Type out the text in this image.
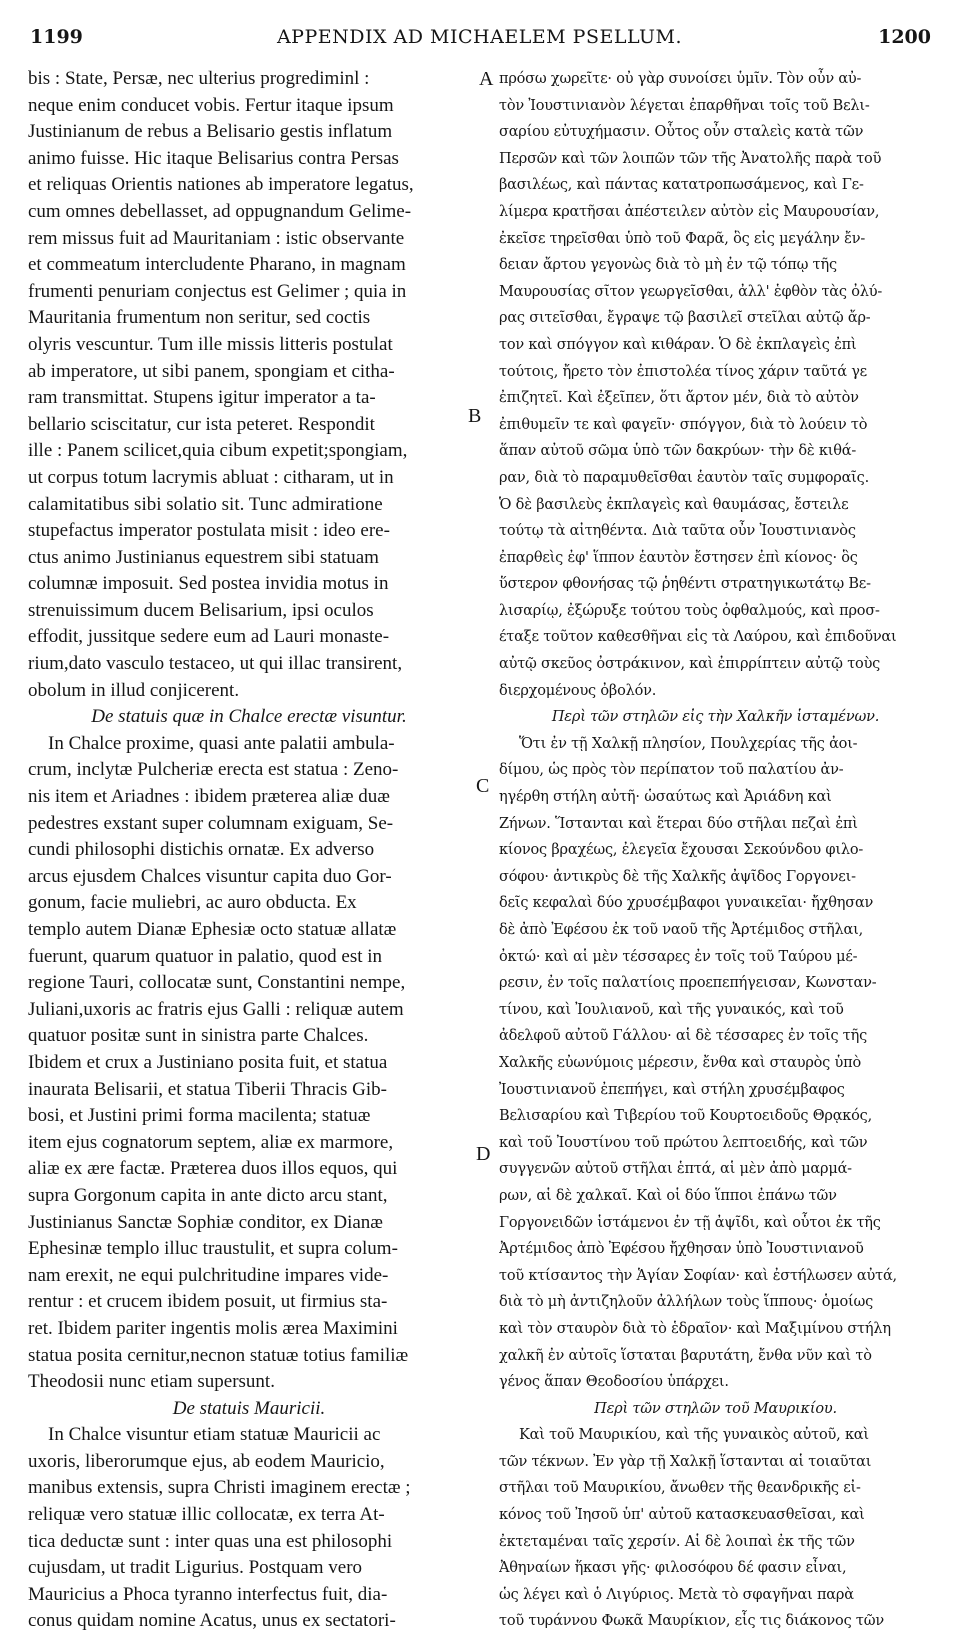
1199	APPENDIX AD MICHAELEM PSELLUM.	1200
bis : State, Persæ, nec ulterius progrediminl :
neque enim conducet vobis. Fertur itaque ipsum
Justinianum de rebus a Belisario gestis inflatum
animo fuisse. Hic itaque Belisarius contra Persas
et reliquas Orientis nationes ab imperatore legatus,
cum omnes debellasset, ad oppugnandum Gelime-
rem missus fuit ad Mauritaniam : istic observante
et commeatum intercludente Pharano, in magnam
frumenti penuriam conjectus est Gelimer ; quia in
Mauritania frumentum non seritur, sed coctis
olyris vescuntur. Tum ille missis litteris postulat
ab imperatore, ut sibi panem, spongiam et citha-
ram transmittat. Stupens igitur imperator a ta-
bellario sciscitatur, cur ista peteret. Respondit
ille : Panem scilicet,quia cibum expetit;spongiam,
ut corpus totum lacrymis abluat : citharam, ut in
calamitatibus sibi solatio sit. Tunc admiratione
stupefactus imperator postulata misit : ideo ere-
ctus animo Justinianus equestrem sibi statuam
columnæ imposuit. Sed postea invidia motus in
strenuissimum ducem Belisarium, ipsi oculos
effodit, jussitque sedere eum ad Lauri monaste-
rium,dato vasculo testaceo, ut qui illac transirent,
obolum in illud conjicerent.
De statuis quæ in Chalce erectæ visuntur.
In Chalce proxime, quasi ante palatii ambula-
crum, inclytæ Pulcheriæ erecta est statua : Zeno-
nis item et Ariadnes : ibidem præterea aliæ duæ
pedestres exstant super columnam exiguam, Se-
cundi philosophi distichis ornatæ. Ex adverso
arcus ejusdem Chalces visuntur capita duo Gor-
gonum, facie muliebri, ac auro obducta. Ex
templo autem Dianæ Ephesiæ octo statuæ allatæ
fuerunt, quarum quatuor in palatio, quod est in
regione Tauri, collocatæ sunt, Constantini nempe,
Juliani,uxoris ac fratris ejus Galli : reliquæ autem
quatuor positæ sunt in sinistra parte Chalces.
Ibidem et crux a Justiniano posita fuit, et statua
inaurata Belisarii, et statua Tiberii Thracis Gib-
bosi, et Justini primi forma macilenta; statuæ
item ejus cognatorum septem, aliæ ex marmore,
aliæ ex ære factæ. Præterea duos illos equos, qui
supra Gorgonum capita in ante dicto arcu stant,
Justinianus Sanctæ Sophiæ conditor, ex Dianæ
Ephesinæ templo illuc traustulit, et supra colum-
nam erexit, ne equi pulchritudine impares vide-
rentur : et crucem ibidem posuit, ut firmius sta-
ret. Ibidem pariter ingentis molis ærea Maximini
statua posita cernitur,necnon statuæ totius familiæ
Theodosii nunc etiam supersunt.
De statuis Mauricii.
In Chalce visuntur etiam statuæ Mauricii ac
uxoris, liberorumque ejus, ab eodem Mauricio,
manibus extensis, supra Christi imaginem erectæ ;
reliquæ vero statuæ illic collocatæ, ex terra At-
tica deductæ sunt : inter quas una est philosophi
cujusdam, ut tradit Ligurius. Postquam vero
Mauricius a Phoca tyranno interfectus fuit, dia-
conus quidam nomine Acatus, unus ex sectatori-
A
B
C
D
πρόσω χωρεῖτε· οὐ γὰρ συνοίσει ὑμῖν. Τὸν οὖν αὐ-
τὸν Ἰουστινιανὸν λέγεται ἐπαρθῆναι τοῖς τοῦ Βελι-
σαρίου εὐτυχήμασιν. Οὗτος οὖν σταλεὶς κατὰ τῶν
Περσῶν καὶ τῶν λοιπῶν τῶν τῆς Ἀνατολῆς παρὰ τοῦ
βασιλέως, καὶ πάντας κατατροπωσάμενος, καὶ Γε-
λίμερα κρατῆσαι ἀπέστειλεν αὐτὸν εἰς Μαυρουσίαν,
ἐκεῖσε τηρεῖσθαι ὑπὸ τοῦ Φαρᾶ, ὃς εἰς μεγάλην ἔν-
δειαν ἄρτου γεγονὼς διὰ τὸ μὴ ἐν τῷ τόπῳ τῆς
Μαυρουσίας σῖτον γεωργεῖσθαι, ἀλλ' ἑφθὸν τὰς ὀλύ-
ρας σιτεῖσθαι, ἔγραψε τῷ βασιλεῖ στεῖλαι αὐτῷ ἄρ-
τον καὶ σπόγγον καὶ κιθάραν. Ὁ δὲ ἐκπλαγεὶς ἐπὶ
τούτοις, ἤρετο τὸν ἐπιστολέα τίνος χάριν ταῦτά γε
ἐπιζητεῖ. Καὶ ἐξεῖπεν, ὅτι ἄρτον μέν, διὰ τὸ αὐτὸν
ἐπιθυμεῖν τε καὶ φαγεῖν· σπόγγον, διὰ τὸ λούειν τὸ
ἅπαν αὐτοῦ σῶμα ὑπὸ τῶν δακρύων· τὴν δὲ κιθά-
ραν, διὰ τὸ παραμυθεῖσθαι ἑαυτὸν ταῖς συμφοραῖς.
Ὁ δὲ βασιλεὺς ἐκπλαγεὶς καὶ θαυμάσας, ἔστειλε
τούτῳ τὰ αἰτηθέντα. Διὰ ταῦτα οὖν Ἰουστινιανὸς
ἐπαρθεὶς ἐφ' ἵππον ἑαυτὸν ἔστησεν ἐπὶ κίονος· ὃς
ὕστερον φθονήσας τῷ ῥηθέντι στρατηγικωτάτῳ Βε-
λισαρίῳ, ἐξώρυξε τούτου τοὺς ὀφθαλμούς, καὶ προσ-
έταξε τοῦτον καθεσθῆναι εἰς τὰ Λαύρου, καὶ ἐπιδοῦναι
αὐτῷ σκεῦος ὀστράκινον, καὶ ἐπιρρίπτειν αὐτῷ τοὺς
διερχομένους ὀβολόν.
Περὶ τῶν στηλῶν εἰς τὴν Χαλκῆν ἱσταμένων.
Ὅτι ἐν τῇ Χαλκῇ πλησίον, Πουλχερίας τῆς ἀοι-
δίμου, ὡς πρὸς τὸν περίπατον τοῦ παλατίου ἀν-
ηγέρθη στήλη αὐτῆ· ὡσαύτως καὶ Ἀριάδνη καὶ
Ζήνων. Ἵστανται καὶ ἕτεραι δύο στῆλαι πεζαὶ ἐπὶ
κίονος βραχέως, ἐλεγεῖα ἔχουσαι Σεκούνδου φιλο-
σόφου· ἀντικρὺς δὲ τῆς Χαλκῆς ἀψῖδος Γοργονει-
δεῖς κεφαλαὶ δύο χρυσέμβαφοι γυναικεῖαι· ἤχθησαν
δὲ ἀπὸ Ἐφέσου ἐκ τοῦ ναοῦ τῆς Ἀρτέμιδος στῆλαι,
ὀκτώ· καὶ αἱ μὲν τέσσαρες ἐν τοῖς τοῦ Ταύρου μέ-
ρεσιν, ἐν τοῖς παλατίοις προεπεπήγεισαν, Κωνσταν-
τίνου, καὶ Ἰουλιανοῦ, καὶ τῆς γυναικός, καὶ τοῦ
ἀδελφοῦ αὐτοῦ Γάλλου· αἱ δὲ τέσσαρες ἐν τοῖς τῆς
Χαλκῆς εὐωνύμοις μέρεσιν, ἔνθα καὶ σταυρὸς ὑπὸ
Ἰουστινιανοῦ ἐπεπήγει, καὶ στήλη χρυσέμβαφος
Βελισαρίου καὶ Τιβερίου τοῦ Κουρτοειδοῦς Θρᾳκός,
καὶ τοῦ Ἰουστίνου τοῦ πρώτου λεπτοειδής, καὶ τῶν
συγγενῶν αὐτοῦ στῆλαι ἑπτά, αἱ μὲν ἀπὸ μαρμά-
ρων, αἱ δὲ χαλκαῖ. Καὶ οἱ δύο ἵπποι ἐπάνω τῶν
Γοργονειδῶν ἱστάμενοι ἐν τῇ ἀψῖδι, καὶ οὗτοι ἐκ τῆς
Ἀρτέμιδος ἀπὸ Ἐφέσου ἤχθησαν ὑπὸ Ἰουστινιανοῦ
τοῦ κτίσαντος τὴν Ἁγίαν Σοφίαν· καὶ ἐστήλωσεν αὐτά,
διὰ τὸ μὴ ἀντιζηλοῦν ἀλλήλων τοὺς ἵππους· ὁμοίως
καὶ τὸν σταυρὸν διὰ τὸ ἑδραῖον· καὶ Μαξιμίνου στήλη
χαλκῆ ἐν αὐτοῖς ἵσταται βαρυτάτη, ἔνθα νῦν καὶ τὸ
γένος ἅπαν Θεοδοσίου ὑπάρχει.
Περὶ τῶν στηλῶν τοῦ Μαυρικίου.
Καὶ τοῦ Μαυρικίου, καὶ τῆς γυναικὸς αὐτοῦ, καὶ
τῶν τέκνων. Ἐν γὰρ τῇ Χαλκῇ ἵστανται αἱ τοιαῦται
στῆλαι τοῦ Μαυρικίου, ἄνωθεν τῆς θεανδρικῆς εἰ-
κόνος τοῦ Ἰησοῦ ὑπ' αὐτοῦ κατασκευασθεῖσαι, καὶ
ἐκτεταμέναι ταῖς χερσίν. Αἱ δὲ λοιπαὶ ἐκ τῆς τῶν
Ἀθηναίων ἥκασι γῆς· φιλοσόφου δέ φασιν εἶναι,
ὡς λέγει καὶ ὁ Λιγύριος. Μετὰ τὸ σφαγῆναι παρὰ
τοῦ τυράννου Φωκᾶ Μαυρίκιον, εἷς τις διάκονος τῶν
